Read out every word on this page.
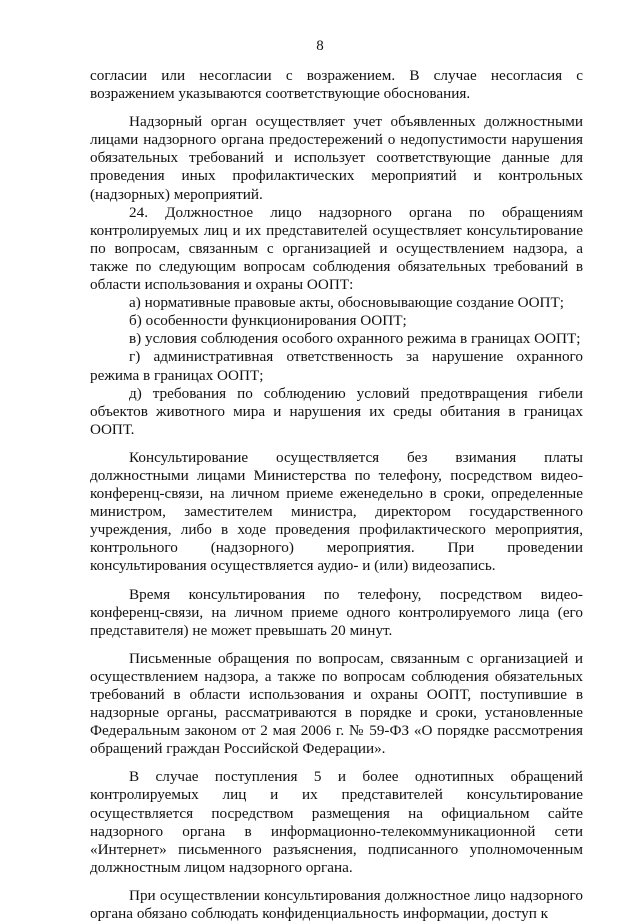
8

согласии или несогласии с возражением. В случае несогласия с возражением указываются соответствующие обоснования.

Надзорный орган осуществляет учет объявленных должностными лицами надзорного органа предостережений о недопустимости нарушения обязательных требований и использует соответствующие данные для проведения иных профилактических мероприятий и контрольных (надзорных) мероприятий.

24. Должностное лицо надзорного органа по обращениям контролируемых лиц и их представителей осуществляет консультирование по вопросам, связанным с организацией и осуществлением надзора, а также по следующим вопросам соблюдения обязательных требований в области использования и охраны ООПТ:

а) нормативные правовые акты, обосновывающие создание ООПТ;

б) особенности функционирования ООПТ;

в) условия соблюдения особого охранного режима в границах ООПТ;

г) административная ответственность за нарушение охранного режима в границах ООПТ;

д) требования по соблюдению условий предотвращения гибели объектов животного мира и нарушения их среды обитания в границах ООПТ.

Консультирование осуществляется без взимания платы должностными лицами Министерства по телефону, посредством видео-конференц-связи, на личном приеме еженедельно в сроки, определенные министром, заместителем министра, директором государственного учреждения, либо в ходе проведения профилактического мероприятия, контрольного (надзорного) мероприятия. При проведении консультирования осуществляется аудио- и (или) видеозапись.

Время консультирования по телефону, посредством видео-конференц-связи, на личном приеме одного контролируемого лица (его представителя) не может превышать 20 минут.

Письменные обращения по вопросам, связанным с организацией и осуществлением надзора, а также по вопросам соблюдения обязательных требований в области использования и охраны ООПТ, поступившие в надзорные органы, рассматриваются в порядке и сроки, установленные Федеральным законом от 2 мая 2006 г. № 59-ФЗ «О порядке рассмотрения обращений граждан Российской Федерации».

В случае поступления 5 и более однотипных обращений контролируемых лиц и их представителей консультирование осуществляется посредством размещения на официальном сайте надзорного органа в информационно-телекоммуникационной сети «Интернет» письменного разъяснения, подписанного уполномоченным должностным лицом надзорного органа.

При осуществлении консультирования должностное лицо надзорного органа обязано соблюдать конфиденциальность информации, доступ к
